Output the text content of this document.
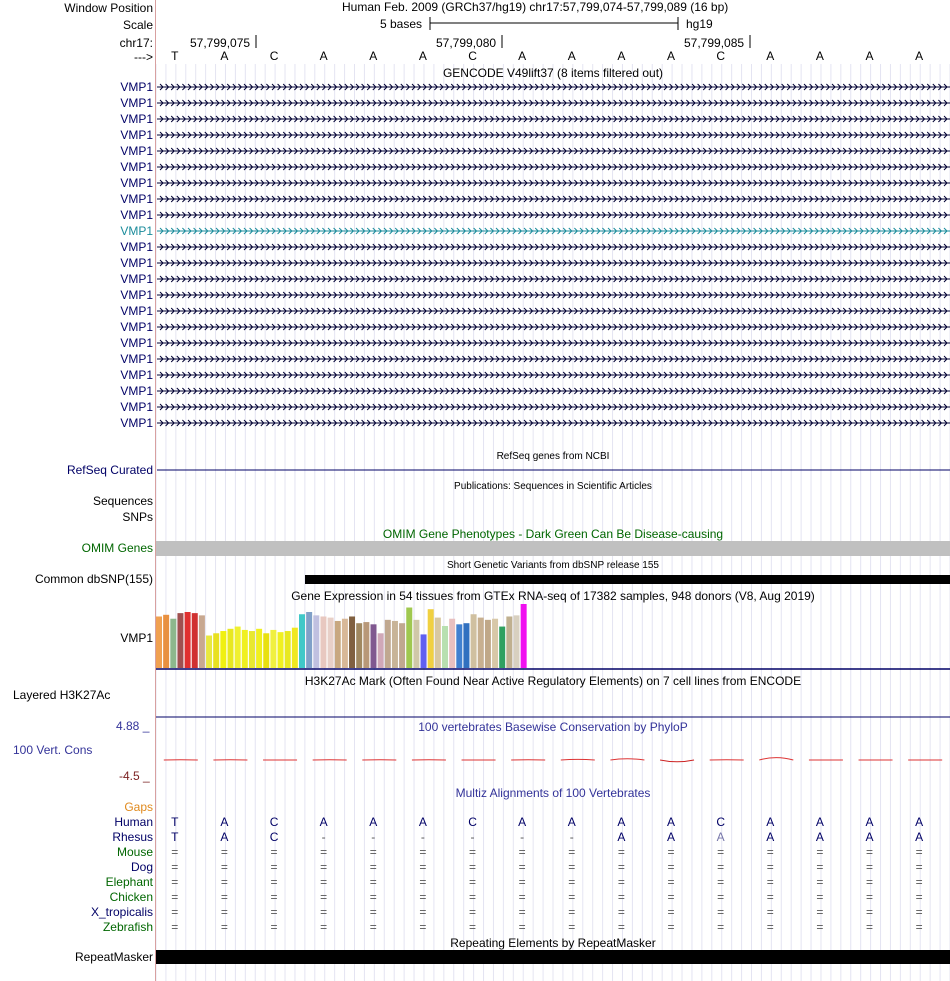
Window Position	Human Feb. 2009 (GRCh37/hg19) chr17:57,799,074-57,799,089 (16 bp)
Scale	5 bases	hg19
chr17:	57,799,075	57,799,080	57,799,085
--->	T	A	C	A	A	A	C	A	A	A	A	C	A	A	A	A
GENCODE V49lift37 (8 items filtered out)
VMP1
VMP1
VMP1
VMP1
VMP1
VMP1
VMP1
VMP1
VMP1
VMP1
VMP1
VMP1
VMP1
VMP1
VMP1
VMP1
VMP1
VMP1
VMP1
VMP1
VMP1
VMP1
RefSeq genes from NCBI
RefSeq Curated
Publications: Sequences in Scientific Articles
Sequences
SNPs
OMIM Gene Phenotypes - Dark Green Can Be Disease-causing
OMIM Genes
Short Genetic Variants from dbSNP release 155
Common dbSNP(155)
Gene Expression in 54 tissues from GTEx RNA-seq of 17382 samples, 948 donors (V8, Aug 2019)
VMP1
H3K27Ac Mark (Often Found Near Active Regulatory Elements) on 7 cell lines from ENCODE
Layered H3K27Ac
100 vertebrates Basewise Conservation by PhyloP
4.88 _
100 Vert. Cons
-4.5 _
Multiz Alignments of 100 Vertebrates
Gaps
Human	T	A	C	A	A	A	C	A	A	A	A	C	A	A	A	A
Rhesus	T	A	C	-	-	-	-	-	-	A	A	A	A	A	A	A
Mouse	=	=	=	=	=	=	=	=	=	=	=	=	=	=	=	=
Dog	=	=	=	=	=	=	=	=	=	=	=	=	=	=	=	=
Elephant	=	=	=	=	=	=	=	=	=	=	=	=	=	=	=	=
Chicken	=	=	=	=	=	=	=	=	=	=	=	=	=	=	=	=
X_tropicalis	=	=	=	=	=	=	=	=	=	=	=	=	=	=	=	=
Zebrafish	=	=	=	=	=	=	=	=	=	=	=	=	=	=	=	=
Repeating Elements by RepeatMasker
RepeatMasker
